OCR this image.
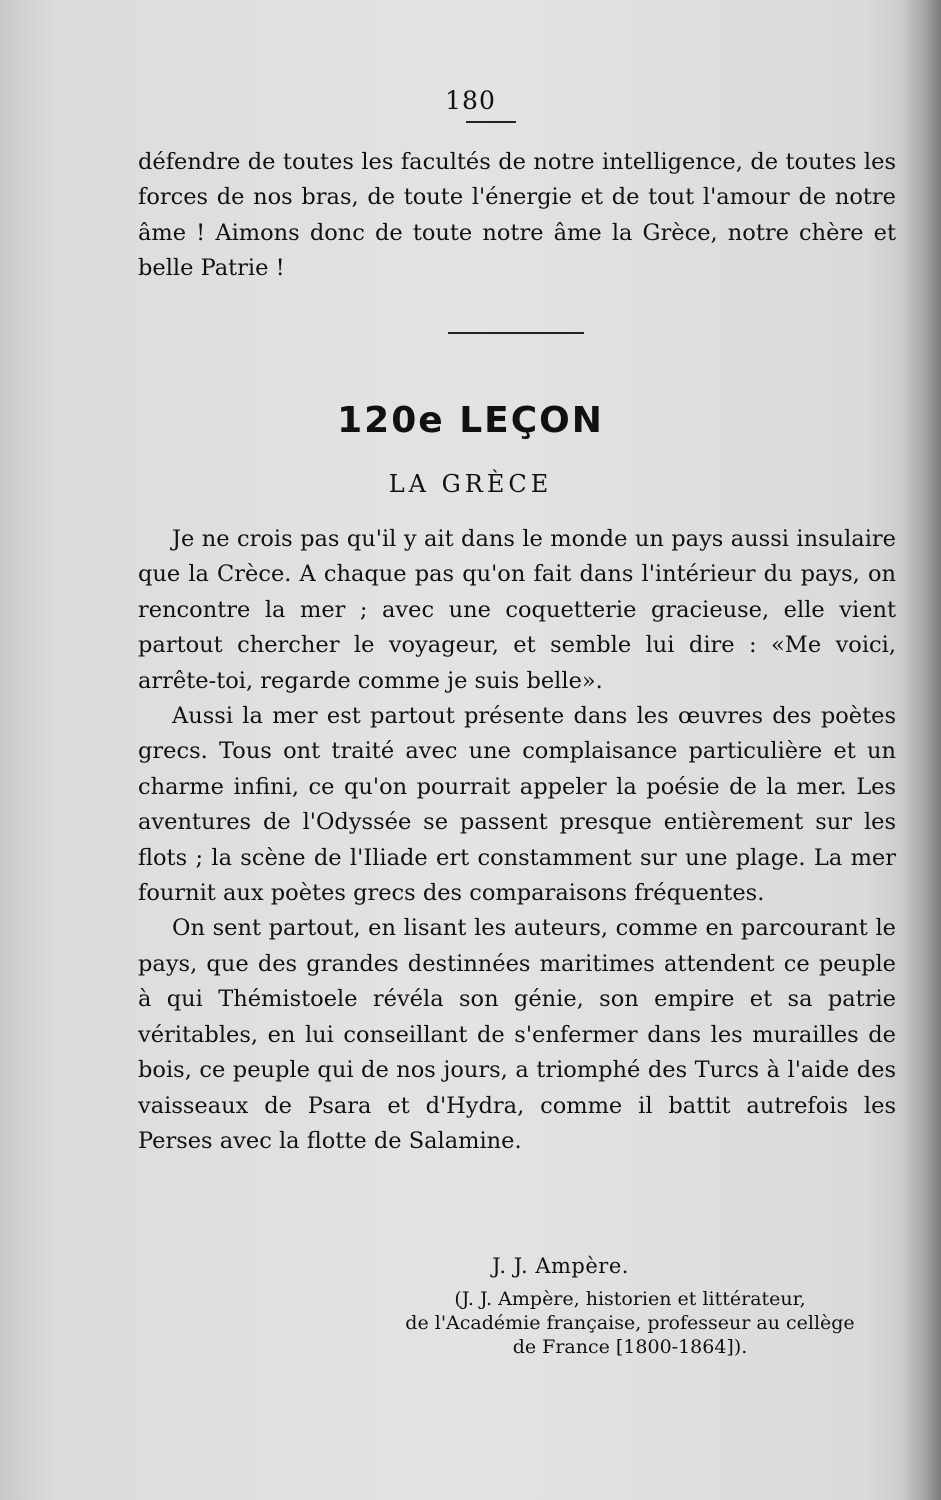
180

défendre de toutes les facultés de notre intelligence, de toutes les forces de nos bras, de toute l'énergie et de tout l'amour de notre âme ! Aimons donc de toute notre âme la Grèce, notre chère et belle Patrie !

120e LEÇON
LA GRÈCE

Je ne crois pas qu'il y ait dans le monde un pays aussi insulaire que la Crèce. A chaque pas qu'on fait dans l'intérieur du pays, on rencontre la mer ; avec une coquetterie gracieuse, elle vient partout chercher le voyageur, et semble lui dire : «Me voici, arrête-toi, regarde comme je suis belle».

Aussi la mer est partout présente dans les œuvres des poètes grecs. Tous ont traité avec une complaisance particulière et un charme infini, ce qu'on pourrait appeler la poésie de la mer. Les aventures de l'Odyssée se passent presque entièrement sur les flots ; la scène de l'Iliade ert constamment sur une plage. La mer fournit aux poètes grecs des comparaisons fréquentes.

On sent partout, en lisant les auteurs, comme en parcourant le pays, que des grandes destinnées maritimes attendent ce peuple à qui Thémistoele révéla son génie, son empire et sa patrie véritables, en lui conseillant de s'enfermer dans les murailles de bois, ce peuple qui de nos jours, a triomphé des Turcs à l'aide des vaisseaux de Psara et d'Hydra, comme il battit autrefois les Perses avec la flotte de Salamine.

J. J. Ampère.
(J. J. Ampère, historien et littérateur,
de l'Académie française, professeur au cellège
de France [1800-1864]).
